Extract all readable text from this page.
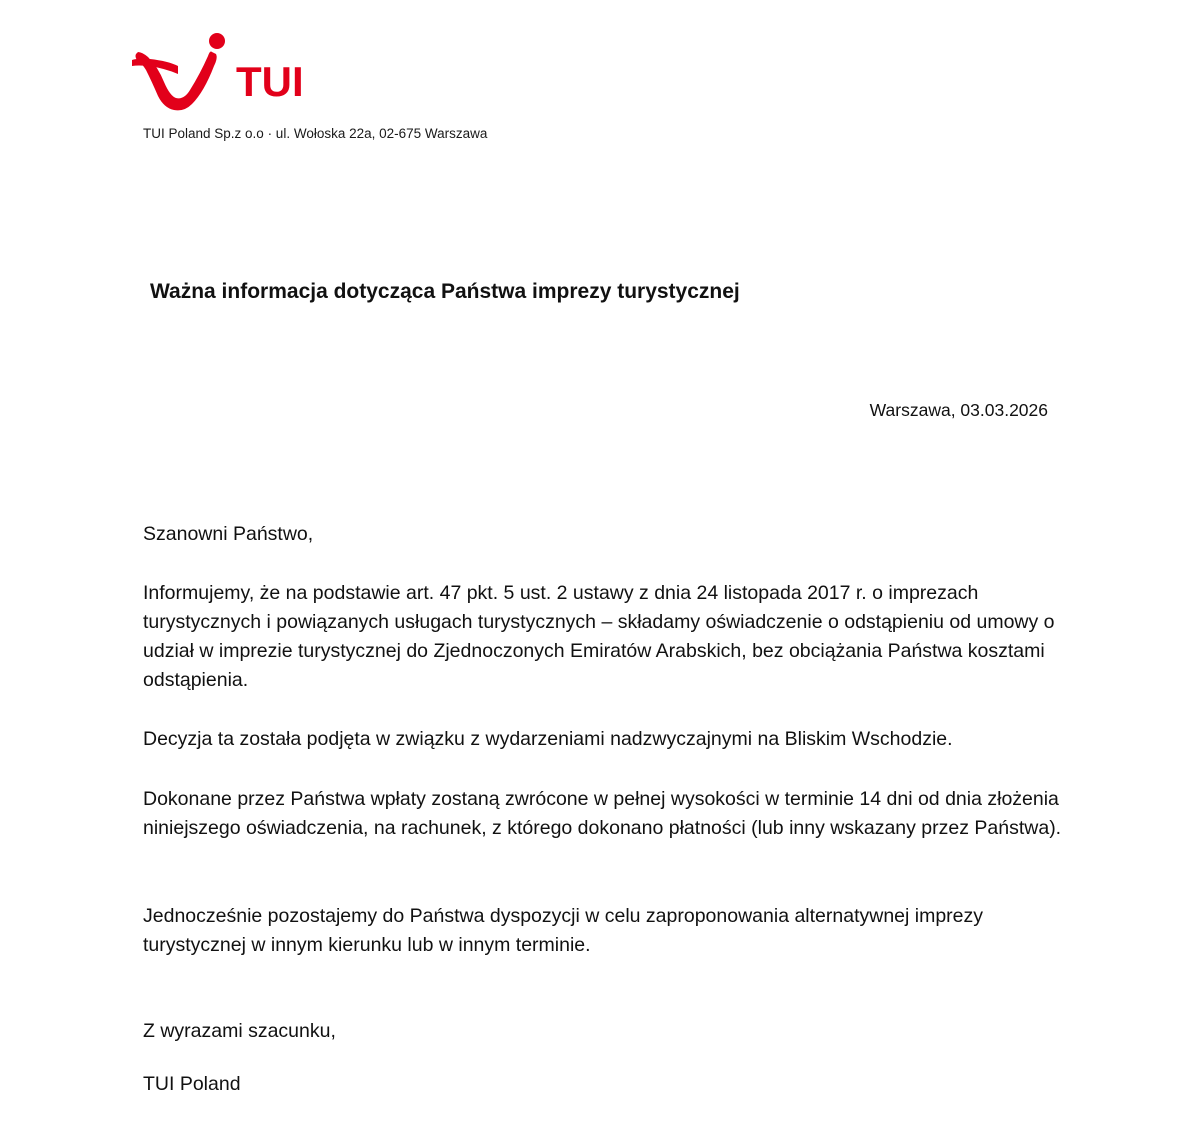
TUI
TUI Poland Sp.z o.o · ul. Wołoska 22a, 02-675 Warszawa
Ważna informacja dotycząca Państwa imprezy turystycznej
Warszawa, 03.03.2026

Szanowni Państwo,

Informujemy, że na podstawie art. 47 pkt. 5 ust. 2 ustawy z dnia 24 listopada 2017 r. o imprezach turystycznych i powiązanych usługach turystycznych – składamy oświadczenie o odstąpieniu od umowy o udział w imprezie turystycznej do Zjednoczonych Emiratów Arabskich, bez obciążania Państwa kosztami odstąpienia.

Decyzja ta została podjęta w związku z wydarzeniami nadzwyczajnymi na Bliskim Wschodzie.

Dokonane przez Państwa wpłaty zostaną zwrócone w pełnej wysokości w terminie 14 dni od dnia złożenia niniejszego oświadczenia, na rachunek, z którego dokonano płatności (lub inny wskazany przez Państwa).

Jednocześnie pozostajemy do Państwa dyspozycji w celu zaproponowania alternatywnej imprezy turystycznej w innym kierunku lub w innym terminie.

Z wyrazami szacunku,

TUI Poland
